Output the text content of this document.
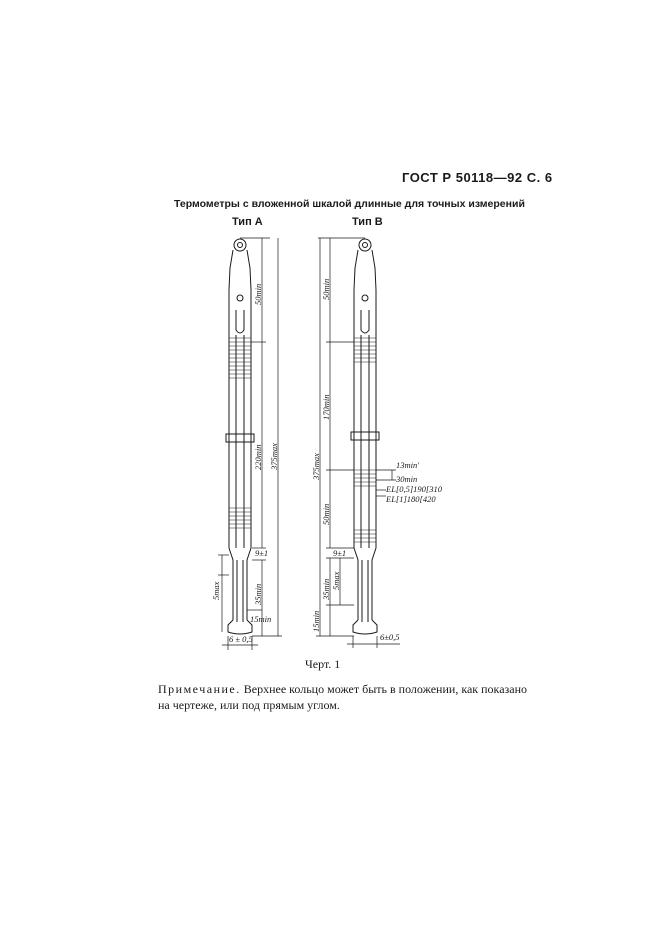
ГОСТ Р 50118—92 С. 6
Термометры с вложенной шкалой длинные для точных измерений
Тип А	Тип В
50min
220min 375max
9±1
5max	35min
15min
6 ± 0,5
50min
170min
375max	13min'
30min
EL[0,5]190[310
EL[1]180[420
50min
9±1
35min 5max
15min
6±0,5
Черт. 1
Примечание. Верхнее кольцо может быть в положении, как показано на чертеже, или под прямым углом.
